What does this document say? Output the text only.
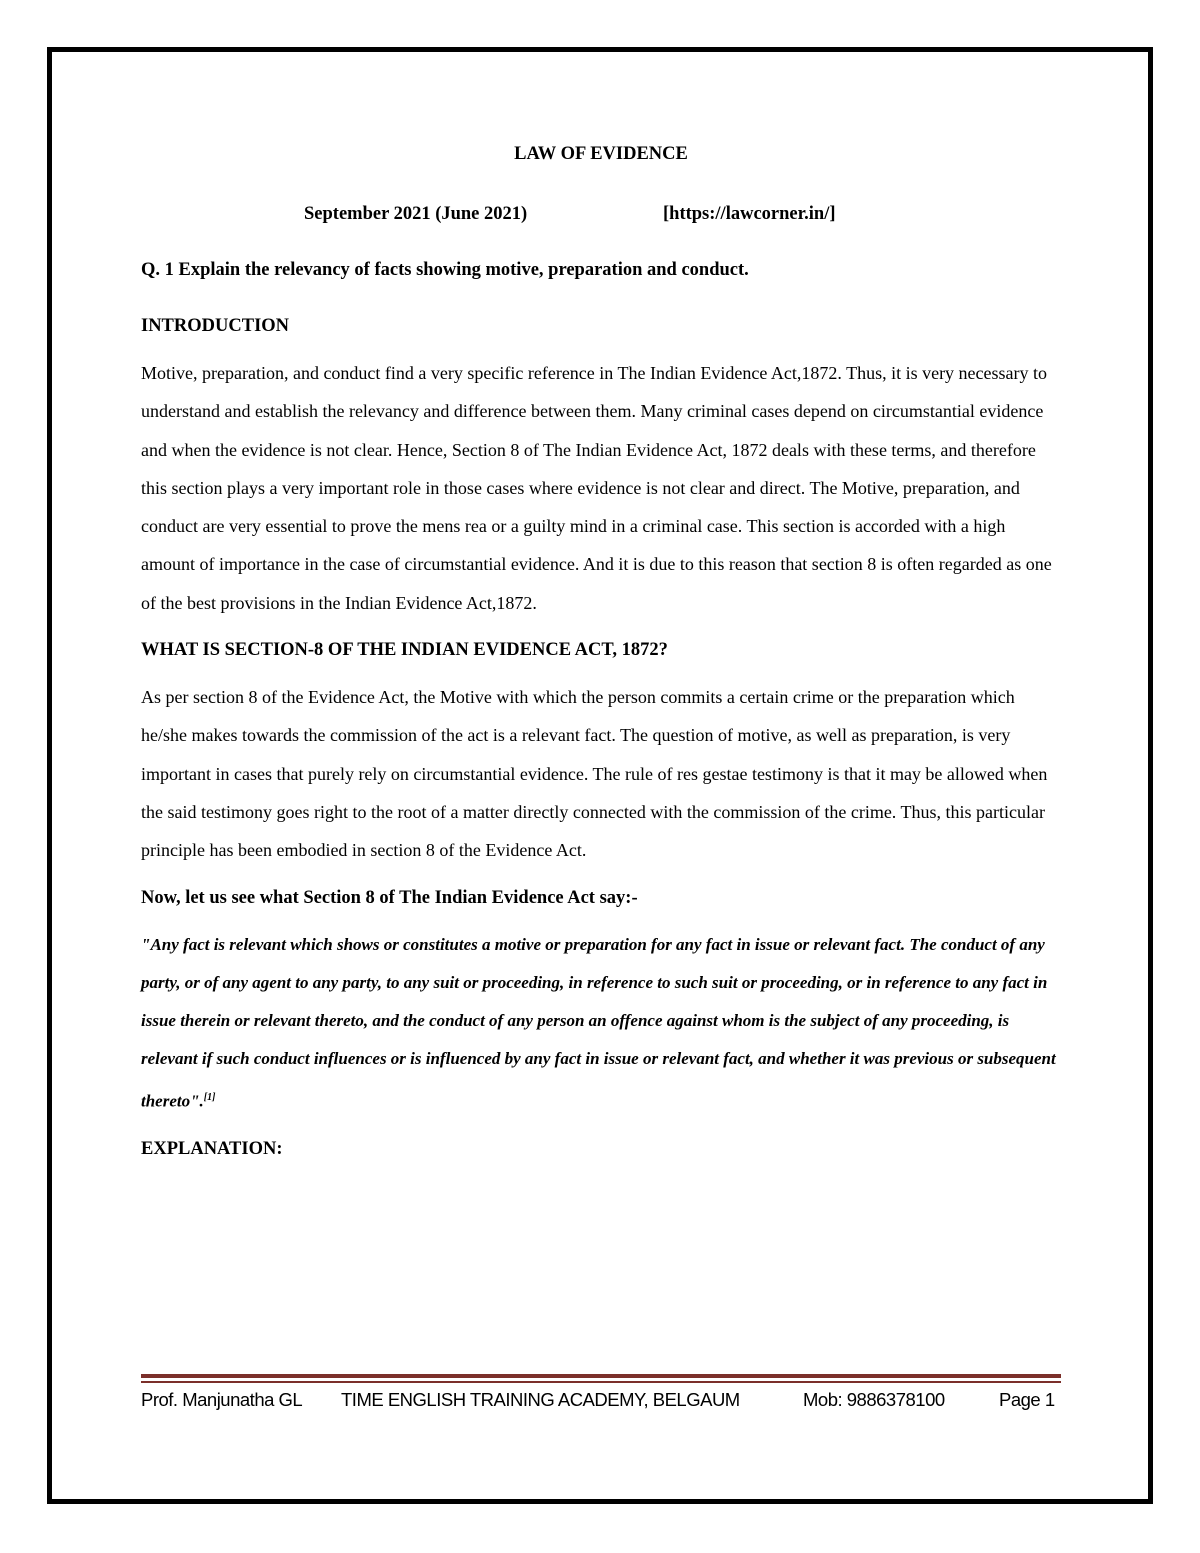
LAW OF EVIDENCE
September 2021 (June 2021)	[https://lawcorner.in/]

Q. 1 Explain the relevancy of facts showing motive, preparation and conduct.

INTRODUCTION

Motive, preparation, and conduct find a very specific reference in The Indian Evidence Act,1872. Thus, it is very necessary to understand and establish the relevancy and difference between them. Many criminal cases depend on circumstantial evidence and when the evidence is not clear. Hence, Section 8 of The Indian Evidence Act, 1872 deals with these terms, and therefore this section plays a very important role in those cases where evidence is not clear and direct. The Motive, preparation, and conduct are very essential to prove the mens rea or a guilty mind in a criminal case. This section is accorded with a high amount of importance in the case of circumstantial evidence. And it is due to this reason that section 8 is often regarded as one of the best provisions in the Indian Evidence Act,1872.

WHAT IS SECTION-8 OF THE INDIAN EVIDENCE ACT, 1872?

As per section 8 of the Evidence Act, the Motive with which the person commits a certain crime or the preparation which he/she makes towards the commission of the act is a relevant fact. The question of motive, as well as preparation, is very important in cases that purely rely on circumstantial evidence. The rule of res gestae testimony is that it may be allowed when the said testimony goes right to the root of a matter directly connected with the commission of the crime. Thus, this particular principle has been embodied in section 8 of the Evidence Act.

Now, let us see what Section 8 of The Indian Evidence Act say:-

"Any fact is relevant which shows or constitutes a motive or preparation for any fact in issue or relevant fact. The conduct of any party, or of any agent to any party, to any suit or proceeding, in reference to such suit or proceeding, or in reference to any fact in issue therein or relevant thereto, and the conduct of any person an offence against whom is the subject of any proceeding, is relevant if such conduct influences or is influenced by any fact in issue or relevant fact, and whether it was previous or subsequent thereto".[1]

EXPLANATION:

Prof. Manjunatha GL TIME ENGLISH TRAINING ACADEMY, BELGAUM	Mob: 9886378100	Page 1
